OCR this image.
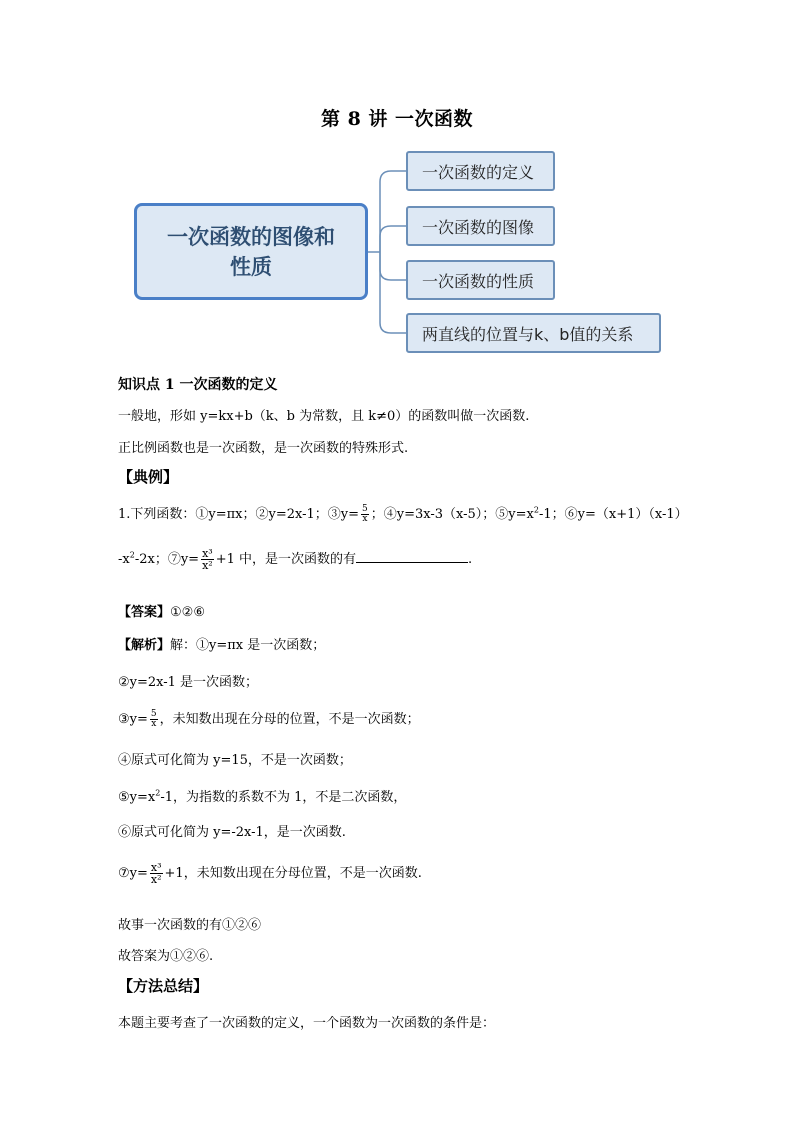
第 8 讲 一次函数
一次函数的图像和性质
一次函数的定义
一次函数的图像
一次函数的性质
两直线的位置与k、b值的关系
知识点 1 一次函数的定义
一般地，形如 y=kx+b（k、b 为常数，且 k≠0）的函数叫做一次函数.
正比例函数也是一次函数，是一次函数的特殊形式.
【典例】
1.下列函数：①y=πx；②y=2x-1；③y= $\frac{5}{x}$ ；④y=3x-3（x-5）；$⑤y=x^2-1$；⑥y=（x+1）（x-1）
$-x^2-2x$；⑦y= $\frac{\text{x³}}{\text{x²}} +1$ 中，是一次函数的有	.
【答案】①②⑥
【解析】解：①y=πx 是一次函数；
②y=2x-1 是一次函数；
③y= $\frac{5}{x}$ ，未知数出现在分母的位置，不是一次函数；
④原式可化简为 y=15，不是一次函数；
$⑤y=x^2-1$，为指数的系数不为 1，不是二次函数，
⑥原式可化简为 y=-2x-1，是一次函数.
⑦y= $\frac{\text{x³}}{\text{x²}} +1$，未知数出现在分母位置，不是一次函数.
故事一次函数的有①②⑥
故答案为①②⑥.
【方法总结】
本题主要考查了一次函数的定义，一个函数为一次函数的条件是：
